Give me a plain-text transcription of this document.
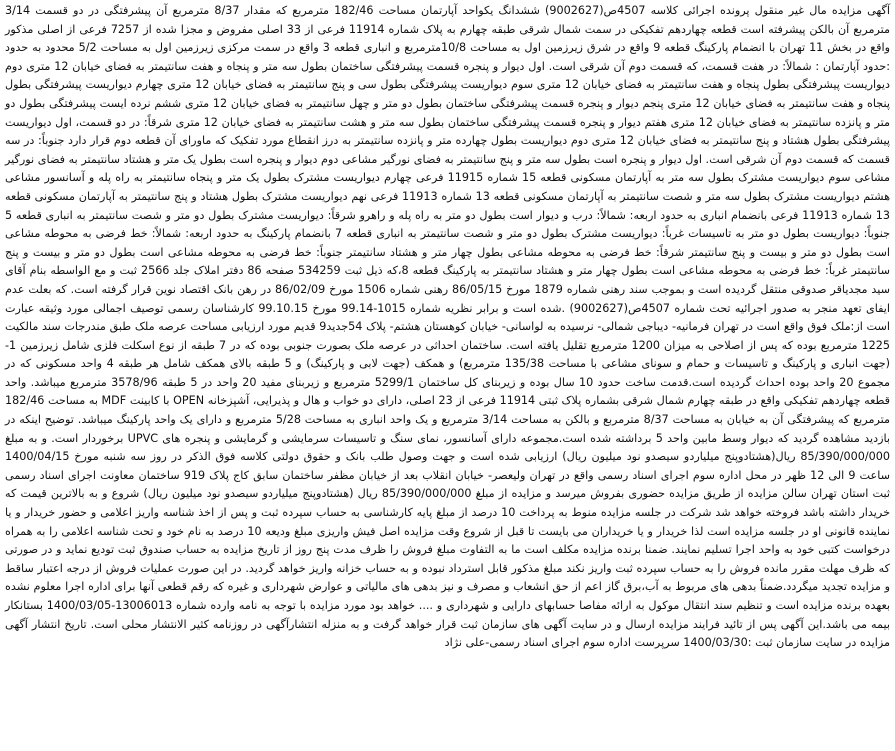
آگهی مزایده مال غیر منقول پرونده اجرائی کلاسه 4507ص(9002627) ششدانگ یکواحد آپارتمان مساحت 182/46 مترمربع که مقدار 8/37 مترمربع آن پیشرفتگی در دو قسمت 3/14 مترمربع آن بالکن پیشرفته است قطعه چهاردهم تفکیکی در سمت شمال شرقی طبقه چهارم به پلاک شماره 11914 فرعی از 33 اصلی مفروض و مجزا شده از 7257 فرعی از اصلی مذکور واقع در بخش 11 تهران با انضمام پارکینگ قطعه 9 واقع در شرق زیرزمین اول به مساحت 10/8مترمربع و انباری قطعه 3 واقع در سمت مرکزی زیرزمین اول به مساحت 5/2 محدود به حدود :حدود آپارتمان : شمالاً: در هفت قسمت، که قسمت دوم آن شرقی است. اول دیوار و پنجره قسمت پیشرفتگی ساختمان بطول سه متر و پنجاه و هفت سانتیمتر به فضای خیابان 12 متری دوم دیواریست پیشرفتگی بطول پنجاه و هفت سانتیمتر به فضای خیابان 12 متری سوم دیواریست پیشرفتگی بطول سی و پنج سانتیمتر به فضای خیابان 12 متری چهارم دیواریست پیشرفتگی بطول پنجاه و هفت سانتیمتر به فضای خیابان 12 متری پنجم دیوار و پنجره قسمت پیشرفتگی ساختمان بطول دو متر و چهل سانتیمتر به فضای خیابان 12 متری ششم نرده ایست پیشرفتگی بطول دو متر و پانزده سانتیمتر به فضای خیابان 12 متری هفتم دیوار و پنجره قسمت پیشرفتگی ساختمان بطول سه متر و هشت سانتیمتر به فضای خیابان 12 متری شرقاً: در دو قسمت، اول دیواریست پیشرفتگی بطول هشتاد و پنج سانتیمتر به فضای خیابان 12 متری دوم دیواریست بطول چهارده متر و پانزده سانتیمتر به درز انقطاع مورد تفکیک که ماورای آن قطعه دوم قرار دارد جنوباً: در سه قسمت که قسمت دوم آن شرقی است. اول دیوار و پنجره است بطول سه متر و پنج سانتیمتر به فضای نورگیر مشاعی دوم دیوار و پنجره است بطول یک متر و هشتاد سانتیمتر به فضای نورگیر مشاعی سوم دیواریست مشترک بطول سه متر به آپارتمان مسکونی قطعه 15 شماره 11915 فرعی چهارم دیواریست مشترک بطول یک متر و پنجاه سانتیمتر به راه پله و آسانسور مشاعی هشتم دیواریست مشترک بطول سه متر و شصت سانتیمتر به آپارتمان مسکونی قطعه 13 شماره 11913 فرعی نهم دیواریست مشترک بطول هشتاد و پنج سانتیمتر به آپارتمان مسکونی قطعه 13 شماره 11913 فرعی بانضمام انباری به حدود اربعه: شمالاً: درب و دیوار است بطول دو متر به راه پله و راهرو شرقاً: دیواریست مشترک بطول دو متر و شصت سانتیمتر به انباری قطعه 5 جنوباً: دیواریست بطول دو متر به تاسیسات غرباً: دیواریست مشترک بطول دو متر و شصت سانتیمتر به انباری قطعه 7 بانضمام پارکینگ به حدود اربعه: شمالاً: خط فرضی به محوطه مشاعی است بطول دو متر و بیست و پنج سانتیمتر شرقاً: خط فرضی به محوطه مشاعی بطول چهار متر و هشتاد سانتیمتر جنوباً: خط فرضی به محوطه مشاعی است بطول دو متر و بیست و پنج سانتیمتر غرباً: خط فرضی به محوطه مشاعی است بطول چهار متر و هشتاد سانتیمتر به پارکینگ قطعه 8،که ذیل ثبت 534259 صفحه 86 دفتر املاک جلد 2566 ثبت و مع الواسطه بنام آقای سید مجدیاقر صدوقی منتقل گردیده است و بموجب سند رهنی شماره 1879 مورخ 86/05/15 رهنی شماره 1506 مورخ 86/02/09 در رهن بانک اقتصاد نوین قرار گرفته است. که بعلت عدم ایفای تعهد منجر به صدور اجرائیه تحت شماره 4507ص(9002627) .شده است و برابر نظریه شماره 1015-99.14 مورخ 99.10.15 کارشناسان رسمی توصیف اجمالی مورد وثیقه عبارت است از:ملک فوق واقع است در تهران فرمانیه- دیباجی شمالی- نرسیده به لواسانی- خیابان کوهستان هشتم- پلاک 54جدید9 قدیم مورد ارزیابی مساحت عرصه ملک طبق مندرجات سند مالکیت 1225 مترمربع بوده که پس از اصلاحی به میزان 1200 مترمربع تقلیل یافته است. ساختمان احداثی در عرصه ملک بصورت جنوبی بوده که در 7 طبقه از نوع اسکلت فلزی شامل زیرزمین 1- (جهت انباری و پارکینگ و تاسیسات و حمام و سونای مشاعی با مساحت 135/38 مترمربع) و همکف (جهت لابی و پارکینگ) و 5 طبقه بالای همکف شامل هر طبقه 4 واحد مسکونی که در مجموع 20 واحد بوده احداث گردیده است.قدمت ساخت حدود 10 سال بوده و زیربنای کل ساختمان 5299/1 مترمربع و زیربنای مفید 20 واحد در 5 طبقه 3578/96 مترمربع میباشد. واحد قطعه چهاردهم تفکیکی واقع در طبقه چهارم شمال شرقی بشماره پلاک ثبتی 11914 فرعی از 23 اصلی، دارای دو خواب و هال و پذیرایی، آشپزخانه OPEN با کابینت MDF به مساحت 182/46 مترمربع که پیشرفتگی آن به خیابان به مساحت 8/37 مترمربع و بالکن به مساحت 3/14 مترمربع و یک واحد انباری به مساحت 5/28 مترمربع و دارای یک واحد پارکینگ میباشد. توضیح اینکه در بازدید مشاهده گردید که دیوار وسط مابین واحد 5 برداشته شده است.مجموعه دارای آسانسور، نمای سنگ و تاسیسات سرمایشی و گرمایشی و پنجره های UPVC برخوردار است. و به مبلغ 85/390/000/000 ریال(هشتادوپنج میلیاردو سیصدو نود میلیون ریال) ارزیابی شده است و جهت وصول طلب بانک و حقوق دولتی کلاسه فوق الذکر در روز سه شنبه مورخ 1400/04/15 ساعت 9 الی 12 ظهر در محل اداره سوم اجرای اسناد رسمی واقع در تهران ولیعصر- خیابان انقلاب بعد از خیابان مظفر ساختمان سابق کاج پلاک 919 ساختمان معاونت اجرای اسناد رسمی ثبت استان تهران سالن مزایده از طریق مزایده حضوری بفروش میرسد و مزایده از مبلغ 85/390/000/000 ریال (هشتادوپنج میلیاردو سیصدو نود میلیون ریال) شروع و به بالاترین قیمت که خریدار داشته باشد فروخته خواهد شد شرکت در جلسه مزایده منوط به پرداخت 10 درصد از مبلغ پایه کارشناسی به حساب سپرده ثبت و پس از اخذ شناسه واریز اعلامی و حضور خریدار و یا نماینده قانونی او در جلسه مزایده است لذا خریدار و یا خریداران می بایست تا قبل از شروع وقت مزایده اصل فیش واریزی مبلغ ودیعه 10 درصد به نام خود و تحت شناسه اعلامی را به همراه درخواست کتبی خود به واحد اجرا تسلیم نمایند. ضمنا برنده مزایده مکلف است ما به التفاوت مبلغ فروش را ظرف مدت پنج روز از تاریخ مزایده به حساب صندوق ثبت تودیع نماید و در صورتی که ظرف مهلت مقرر مانده فروش را به حساب سپرده ثبت واریز نکند مبلغ مذکور قابل استرداد نبوده و به حساب خزانه واریز خواهد گردید. در این صورت عملیات فروش از درجه اعتبار ساقط و مزایده تجدید میگردد.ضمناً بدهی های مربوط به آب،برق گاز اعم از حق انشعاب و مصرف و نیز بدهی های مالیاتی و عوارض شهرداری و غیره که رقم قطعی آنها برای اداره اجرا معلوم نشده بعهده برنده مزایده است و تنظیم سند انتقال موکول به ارائه مفاصا حسابهای دارایی و شهرداری و .... خواهد بود مورد مزایده با توجه به نامه وارده شماره 13006013-1400/03/05 بستانکار بیمه می باشد.این آگهی پس از تائید فرایند مزایده ارسال و در سایت آگهی های سازمان ثبت قرار خواهد گرفت و به منزله انتشارآگهی در روزنامه کثیر الانتشار محلی است. تاریخ انتشار آگهی مزایده در سایت سازمان ثبت :1400/03/30 سرپرست اداره سوم اجرای اسناد رسمی-علی نژاد
